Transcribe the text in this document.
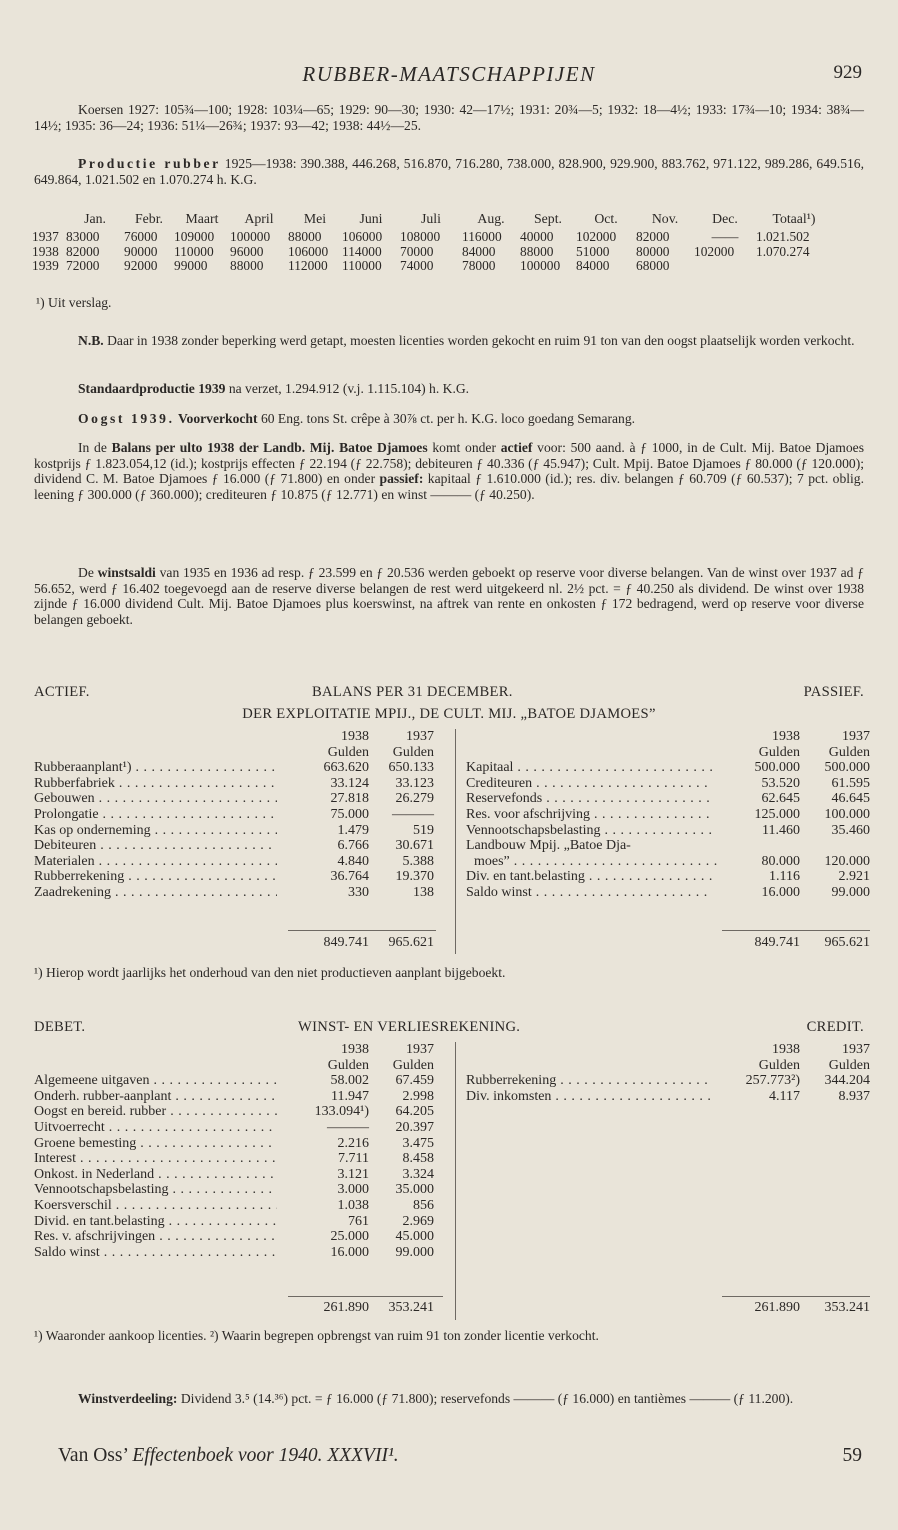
RUBBER-MAATSCHAPPIJEN	929

Koersen 1927: 105¾—100; 1928: 103¼—65; 1929: 90—30; 1930: 42—17½; 1931: 20¾—5; 1932: 18—4½; 1933: 17¾—10; 1934: 38¾—14½; 1935: 36—24; 1936: 51¼—26¾; 1937: 93—42; 1938: 44½—25.

Productie rubber 1925—1938: 390.388, 446.268, 516.870, 716.280, 738.000, 828.900, 929.900, 883.762, 971.122, 989.286, 649.516, 649.864, 1.021.502 en 1.070.274 h. K.G.

	Jan.	Febr.	Maart	April	Mei	Juni	Juli	Aug.	Sept.	Oct.	Nov.	Dec.	Totaal¹)
1937	83000	76000	109000	100000	88000	106000	108000	116000	40000	102000	82000	——	1.021.502
1938	82000	90000	110000	96000	106000	114000	70000	84000	88000	51000	80000	102000	1.070.274
1939	72000	92000	99000	88000	112000	110000	74000	78000	100000	84000	68000		

¹) Uit verslag.

N.B. Daar in 1938 zonder beperking werd getapt, moesten licenties worden gekocht en ruim 91 ton van den oogst plaatselijk worden verkocht.

Standaardproductie 1939 na verzet, 1.294.912 (v.j. 1.115.104) h. K.G.

Oogst 1939. Voorverkocht 60 Eng. tons St. crêpe à 30⅞ ct. per h. K.G. loco goedang Semarang.

In de Balans per ulto 1938 der Landb. Mij. Batoe Djamoes komt onder actief voor: 500 aand. à ƒ 1000, in de Cult. Mij. Batoe Djamoes kostprijs ƒ 1.823.054,12 (id.); kostprijs effecten ƒ 22.194 (ƒ 22.758); debiteuren ƒ 40.336 (ƒ 45.947); Cult. Mpij. Batoe Djamoes ƒ 80.000 (ƒ 120.000); dividend C. M. Batoe Djamoes ƒ 16.000 (ƒ 71.800) en onder passief: kapitaal ƒ 1.610.000 (id.); res. div. belangen ƒ 60.709 (ƒ 60.537); 7 pct. oblig. leening ƒ 300.000 (ƒ 360.000); crediteuren ƒ 10.875 (ƒ 12.771) en winst ——— (ƒ 40.250).

De winstsaldi van 1935 en 1936 ad resp. ƒ 23.599 en ƒ 20.536 werden geboekt op reserve voor diverse belangen. Van de winst over 1937 ad ƒ 56.652, werd ƒ 16.402 toegevoegd aan de reserve diverse belangen de rest werd uitgekeerd nl. 2½ pct. = ƒ 40.250 als dividend. De winst over 1938 zijnde ƒ 16.000 dividend Cult. Mij. Batoe Djamoes plus koerswinst, na aftrek van rente en onkosten ƒ 172 bedragend, werd op reserve voor diverse belangen geboekt.

ACTIEF.	BALANS PER 31 DECEMBER.	PASSIEF.
DER EXPLOITATIE MPIJ., DE CULT. MIJ. „BATOE DJAMOES”
1938	1937
Gulden Gulden
Rubberaanplant¹) . . .	663.620 650.133
Rubberfabriek . . .	33.124 33.123
Gebouwen . . .	27.818 26.279
Prolongatie . . .	75.000 ———
Kas op onderneming . . .	1.479	519
Debiteuren . . .	6.766 30.671
Materialen . . .	4.840 5.388
Rubberrekening . . .	36.764 19.370
Zaadrekening . . .	330	138
849.741 965.621
1938	1937
Gulden Gulden
Kapitaal . . .	500.000 500.000
Crediteuren . . .	53.520 61.595
Reservefonds . . .	62.645 46.645
Res. voor afschrijving . . .	125.000 100.000
Vennootschapsbelasting . . .	11.460 35.460
Landbouw Mpij. „Batoe Dja-
moes” . . .	80.000 120.000
Div. en tant.belasting . . .	1.116	2.921
Saldo winst . . .	16.000 99.000
849.741 965.621
¹) Hierop wordt jaarlijks het onderhoud van den niet productieven aanplant bijgeboekt.
DEBET.	WINST- EN VERLIESREKENING.	CREDIT.
1938	1937
Gulden Gulden
Algemeene uitgaven . . .	58.002 67.459
Onderh. rubber-aanplant . . .	11.947 2.998
Oogst en bereid. rubber . . .	133.094¹) 64.205
Uitvoerrecht . . .	——— 20.397
Groene bemesting . . .	2.216 3.475
Interest . . .	7.711 8.458
Onkost. in Nederland . . .	3.121 3.324
Vennootschapsbelasting . . .	3.000 35.000
Koersverschil . . .	1.038	856
Divid. en tant.belasting . . .	761 2.969
Res. v. afschrijvingen . . .	25.000 45.000
Saldo winst . . .	16.000 99.000
261.890 353.241
1938	1937
Gulden Gulden
Rubberrekening . . .	257.773²) 344.204
Div. inkomsten . . .	4.117	8.937
261.890 353.241
¹) Waaronder aankoop licenties. ²) Waarin begrepen opbrengst van ruim 91 ton zonder licentie verkocht.

Winstverdeeling: Dividend 3.⁵ (14.³⁶) pct. = ƒ 16.000 (ƒ 71.800); reservefonds ——— (ƒ 16.000) en tantièmes ——— (ƒ 11.200).

Van Oss’ Effectenboek voor 1940. XXXVII¹.	59
